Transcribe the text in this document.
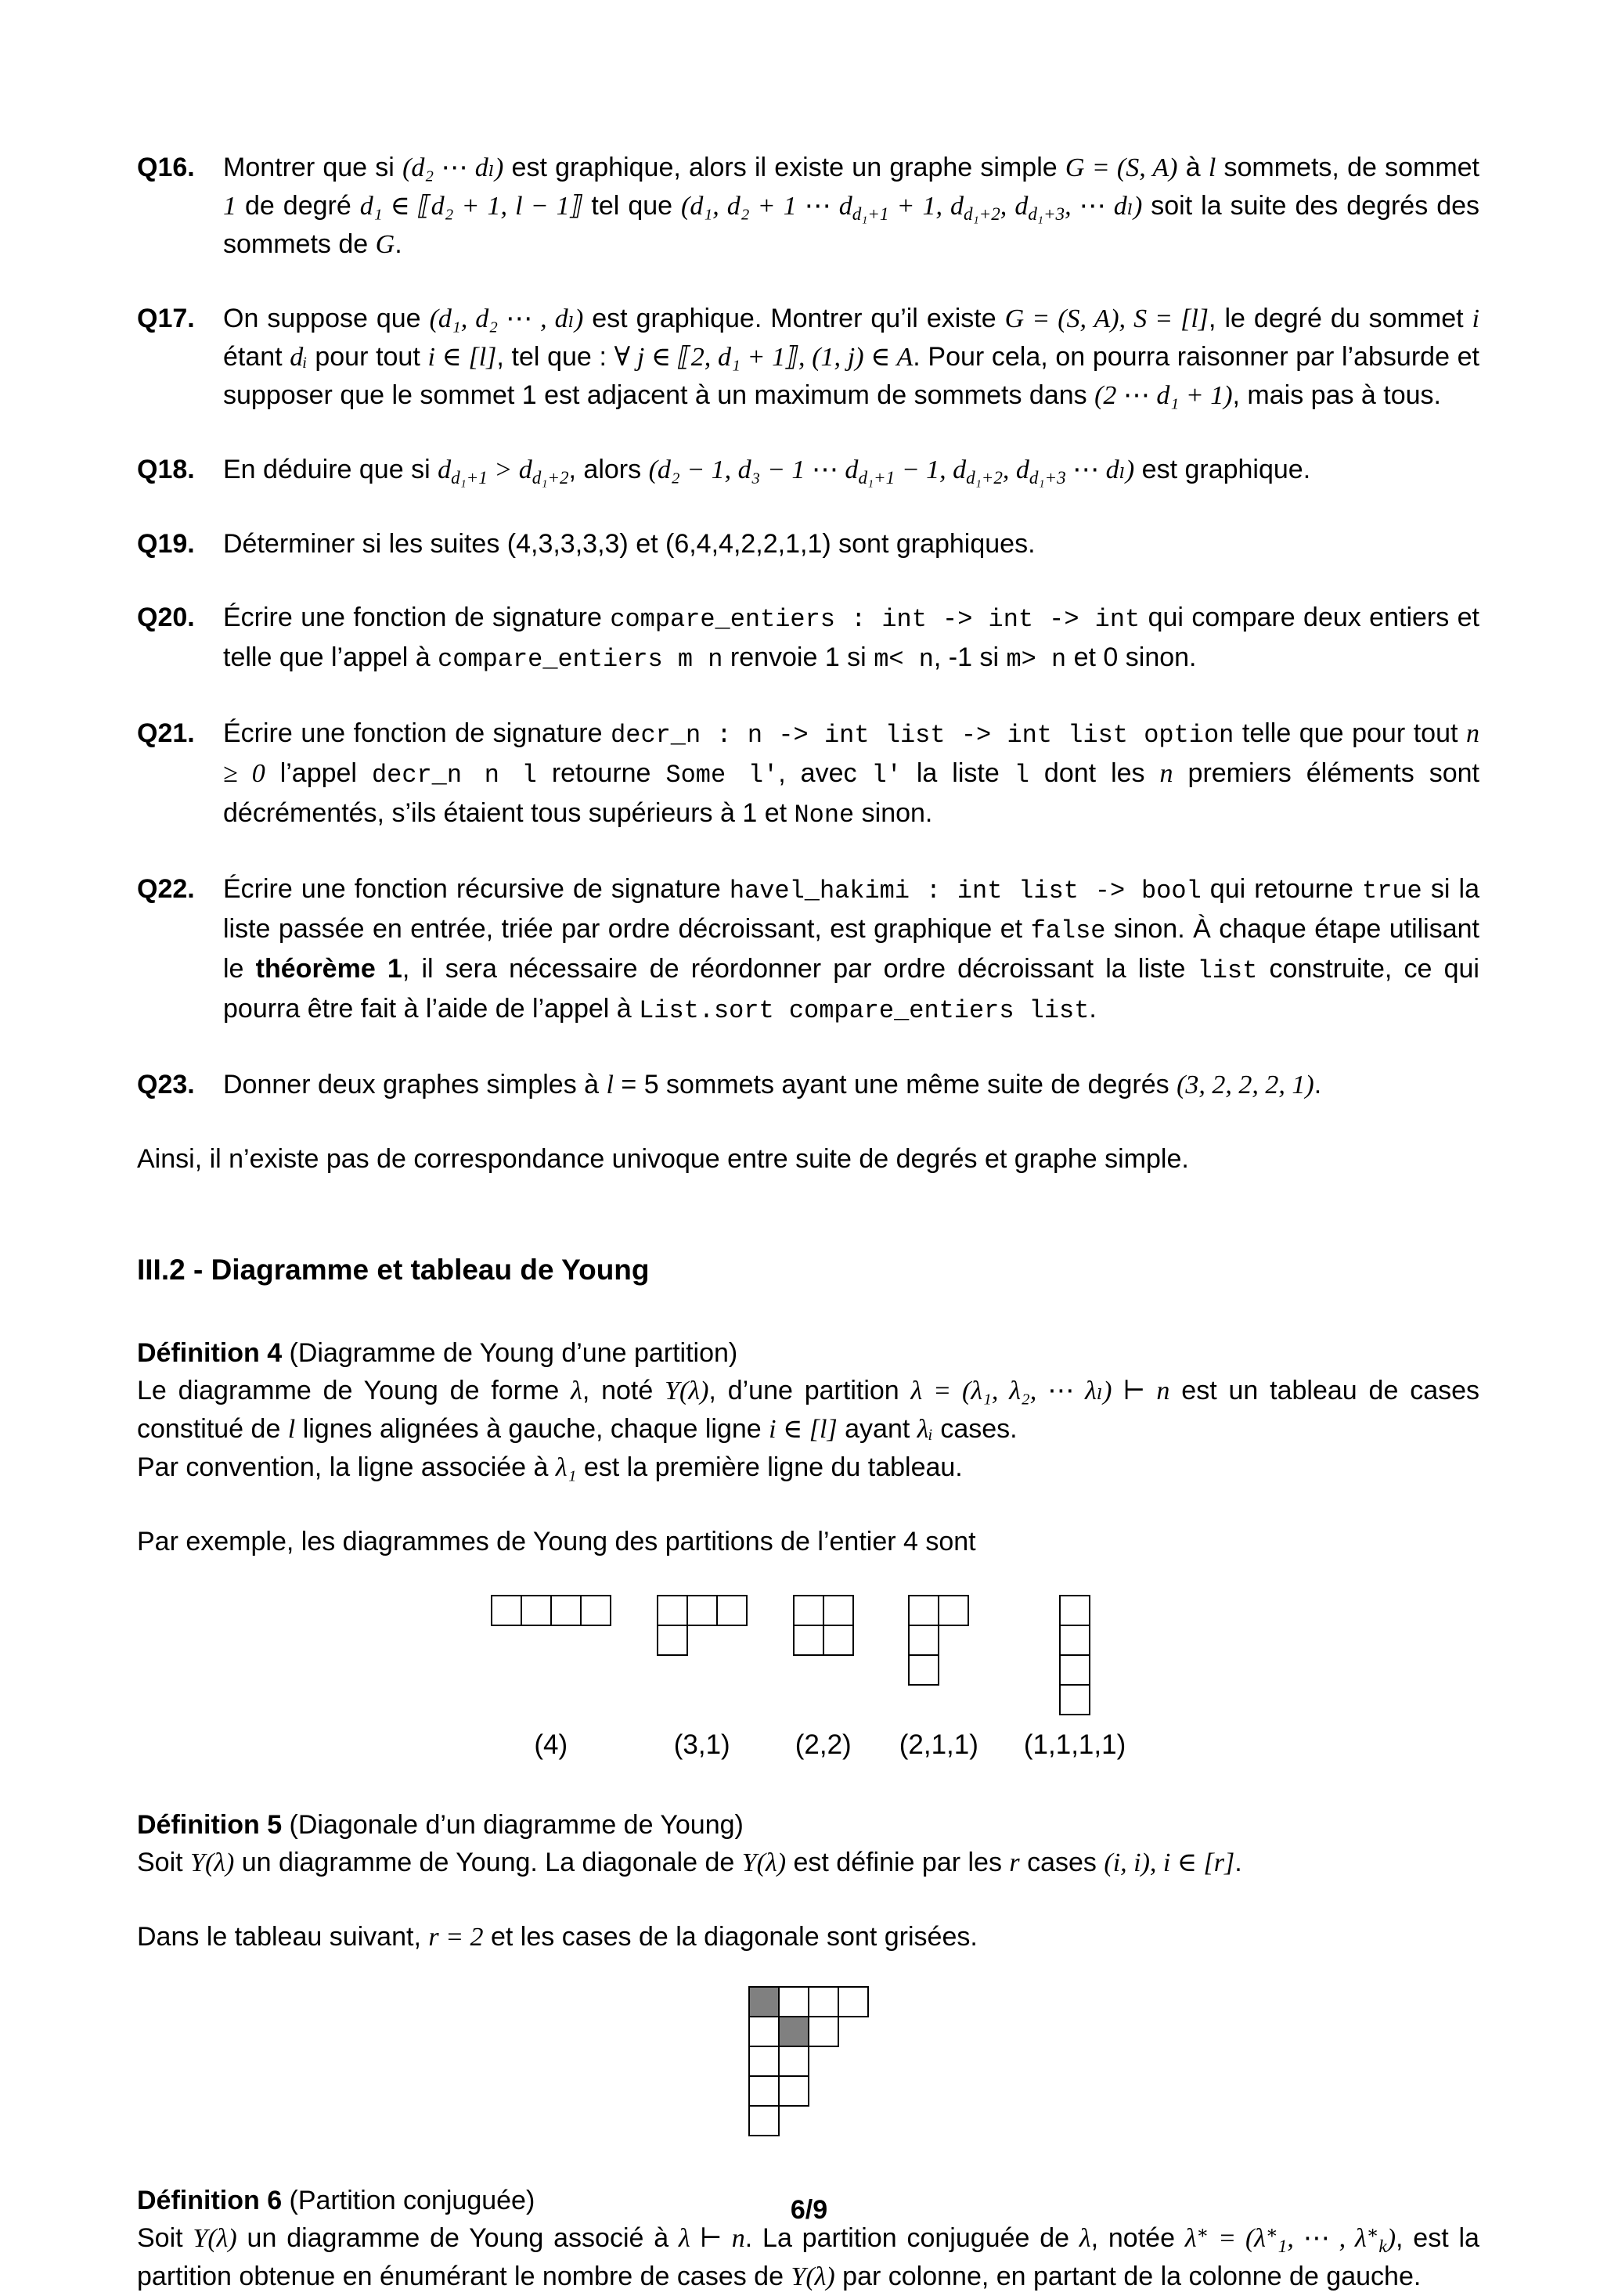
Q16.	Montrer que si (d₂ ⋯ dₗ) est graphique, alors il existe un graphe simple G = (S, A) à l sommets, de sommet 1 de degré d₁ ∈ ⟦d₂ + 1, l − 1⟧ tel que (d₁, d₂ + 1 ⋯ $d_{d_1+1} + 1$, $d_{d_1+2}$, $d_{d_1+3}$, ⋯ dₗ) soit la suite des degrés des sommets de G.
Q17.	On suppose que (d₁, d₂ ⋯ , dₗ) est graphique. Montrer qu’il existe G = (S, A), S = [l], le degré du sommet i étant dᵢ pour tout i ∈ [l], tel que : ∀ j ∈ ⟦2, d₁ + 1⟧, (1, j) ∈ A. Pour cela, on pourra raisonner par l’absurde et supposer que le sommet 1 est adjacent à un maximum de sommets dans (2 ⋯ d₁ + 1), mais pas à tous.
Q18.	En déduire que si $d_{d_1+1} > d_{d_1+2}$, alors (d₂ − 1, d₃ − 1 ⋯ $d_{d_1+1} - 1$, $d_{d_1+2}$, $d_{d_1+3}$ ⋯ dₗ) est graphique.
Q19.	Déterminer si les suites (4,3,3,3,3) et (6,4,4,2,2,1,1) sont graphiques.
Q20.	Écrire une fonction de signature compare_entiers : int -> int -> int qui compare deux entiers et telle que l’appel à compare_entiers m n renvoie 1 si m< n, -1 si m> n et 0 sinon.
Q21.	Écrire une fonction de signature decr_n : n -> int list -> int list option telle que pour tout n ≥ 0 l’appel decr_n n l retourne Some l', avec l' la liste l dont les n premiers éléments sont décrémentés, s’ils étaient tous supérieurs à 1 et None sinon.
Q22.	Écrire une fonction récursive de signature havel_hakimi : int list -> bool qui retourne true si la liste passée en entrée, triée par ordre décroissant, est graphique et false sinon. À chaque étape utilisant le théorème 1, il sera nécessaire de réordonner par ordre décroissant la liste list construite, ce qui pourra être fait à l’aide de l’appel à List.sort compare_entiers list.
Q23.	Donner deux graphes simples à l = 5 sommets ayant une même suite de degrés (3, 2, 2, 2, 1).
Ainsi, il n’existe pas de correspondance univoque entre suite de degrés et graphe simple.
III.2 - Diagramme et tableau de Young
Définition 4 (Diagramme de Young d’une partition)
Le diagramme de Young de forme λ, noté Y(λ), d’une partition λ = (λ₁, λ₂, ⋯ λₗ) ⊢ n est un tableau de cases constitué de l lignes alignées à gauche, chaque ligne i ∈ [l] ayant λᵢ cases.
Par convention, la ligne associée à λ₁ est la première ligne du tableau.
Par exemple, les diagrammes de Young des partitions de l’entier 4 sont
(4)	(3,1) (2,2) (2,1,1) (1,1,1,1)
Définition 5 (Diagonale d’un diagramme de Young)
Soit Y(λ) un diagramme de Young. La diagonale de Y(λ) est définie par les r cases (i, i), i ∈ [r].
Dans le tableau suivant, r = 2 et les cases de la diagonale sont grisées.
Définition 6 (Partition conjuguée)
Soit Y(λ) un diagramme de Young associé à λ ⊢ n. La partition conjuguée de λ, notée $\lambda^∗ = (\lambda^∗_1$, ⋯ , $\lambda^∗_k$), est la partition obtenue en énumérant le nombre de cases de Y(λ) par colonne, en partant de la colonne de gauche.
6/9
